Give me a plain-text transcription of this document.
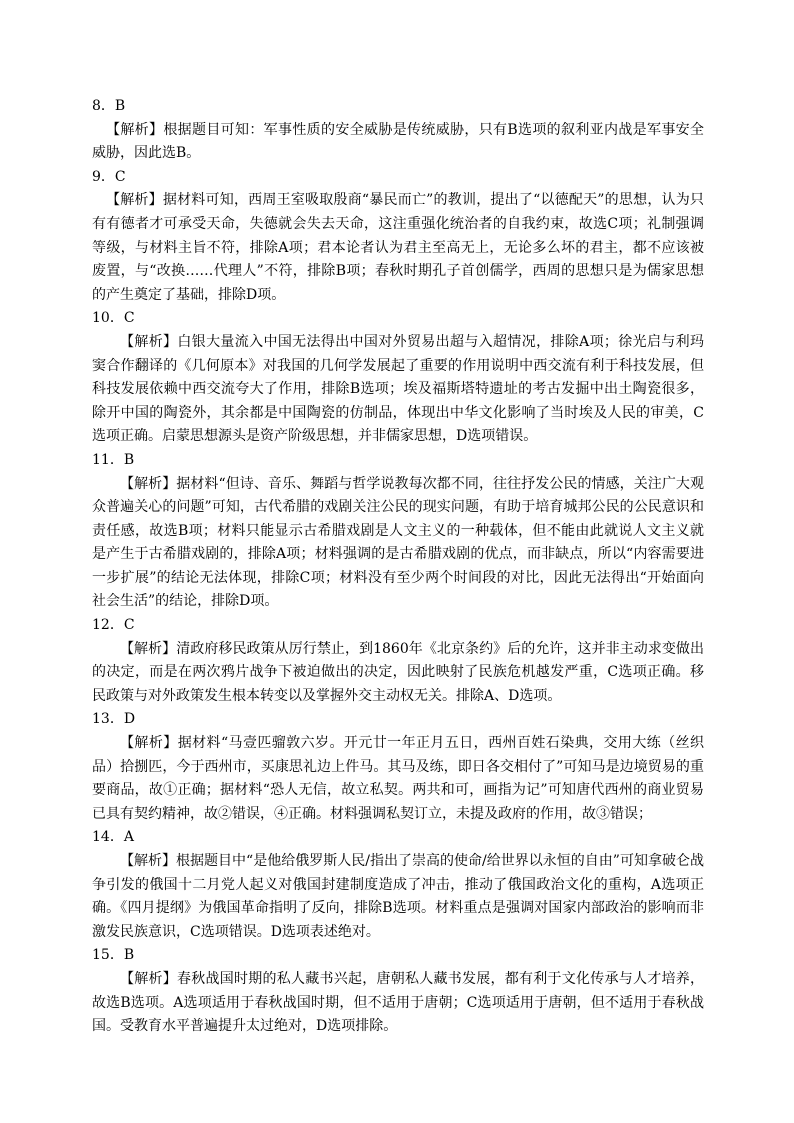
8．B

【解析】根据题目可知：军事性质的安全威胁是传统威胁，只有B选项的叙利亚内战是军事安全威胁，因此选B。

9．C

【解析】据材料可知，西周王室吸取殷商“暴民而亡”的教训，提出了“以德配天”的思想，认为只有有德者才可承受天命，失德就会失去天命，这注重强化统治者的自我约束，故选C项；礼制强调等级，与材料主旨不符，排除A项；君本论者认为君主至高无上，无论多么坏的君主，都不应该被废置，与“改换……代理人”不符，排除B项；春秋时期孔子首创儒学，西周的思想只是为儒家思想的产生奠定了基础，排除D项。

10．C

【解析】白银大量流入中国无法得出中国对外贸易出超与入超情况，排除A项；徐光启与利玛窦合作翻译的《几何原本》对我国的几何学发展起了重要的作用说明中西交流有利于科技发展，但科技发展依赖中西交流夸大了作用，排除B选项；埃及福斯塔特遗址的考古发掘中出土陶瓷很多，除开中国的陶瓷外，其余都是中国陶瓷的仿制品，体现出中华文化影响了当时埃及人民的审美，C选项正确。启蒙思想源头是资产阶级思想，并非儒家思想，D选项错误。

11．B

【解析】据材料“但诗、音乐、舞蹈与哲学说教每次都不同，往往抒发公民的情感，关注广大观众普遍关心的问题”可知，古代希腊的戏剧关注公民的现实问题，有助于培育城邦公民的公民意识和责任感，故选B项；材料只能显示古希腊戏剧是人文主义的一种载体，但不能由此就说人文主义就是产生于古希腊戏剧的，排除A项；材料强调的是古希腊戏剧的优点，而非缺点，所以“内容需要进一步扩展”的结论无法体现，排除C项；材料没有至少两个时间段的对比，因此无法得出“开始面向社会生活”的结论，排除D项。

12．C

【解析】清政府移民政策从厉行禁止，到1860年《北京条约》后的允许，这并非主动求变做出的决定，而是在两次鸦片战争下被迫做出的决定，因此映射了民族危机越发严重，C选项正确。移民政策与对外政策发生根本转变以及掌握外交主动权无关。排除A、D选项。

13．D

【解析】据材料“马壹匹骝敦六岁。开元廿一年正月五日，西州百姓石染典，交用大练（丝织品）拾捌匹，今于西州市，买康思礼边上件马。其马及练，即日各交相付了”可知马是边境贸易的重要商品，故①正确；据材料“恐人无信，故立私契。两共和可，画指为记”可知唐代西州的商业贸易已具有契约精神，故②错误，④正确。材料强调私契订立，未提及政府的作用，故③错误；

14．A

【解析】根据题目中“是他给俄罗斯人民/指出了崇高的使命/给世界以永恒的自由”可知拿破仑战争引发的俄国十二月党人起义对俄国封建制度造成了冲击，推动了俄国政治文化的重构，A选项正确。《四月提纲》为俄国革命指明了反向，排除B选项。材料重点是强调对国家内部政治的影响而非激发民族意识，C选项错误。D选项表述绝对。

15．B

【解析】春秋战国时期的私人藏书兴起，唐朝私人藏书发展，都有利于文化传承与人才培养，故选B选项。A选项适用于春秋战国时期，但不适用于唐朝；C选项适用于唐朝，但不适用于春秋战国。受教育水平普遍提升太过绝对，D选项排除。
